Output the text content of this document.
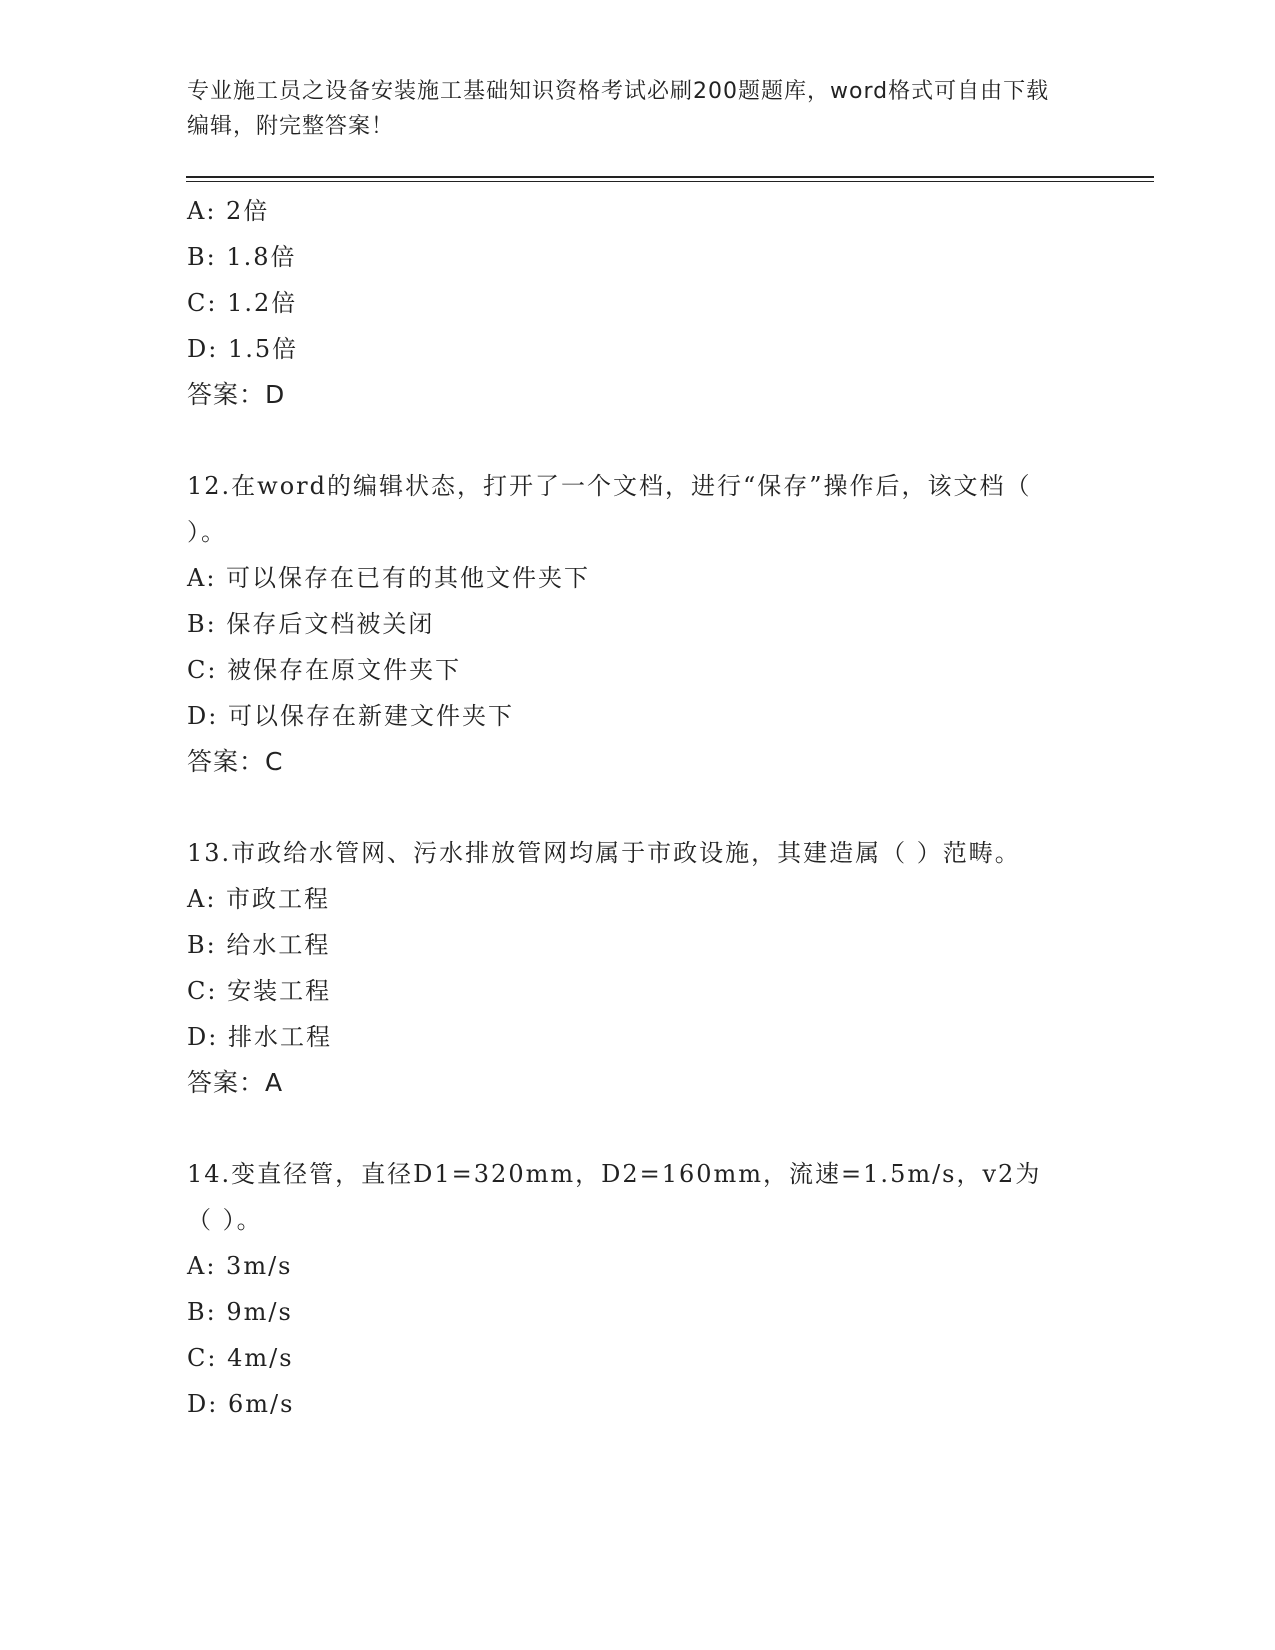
专业施工员之设备安装施工基础知识资格考试必刷200题题库，word格式可自由下载编辑，附完整答案！
A: 2倍
B: 1.8倍
C: 1.2倍
D: 1.5倍
答案：D
12.在word的编辑状态，打开了一个文档，进行“保存”操作后，该文档（ ）。
A: 可以保存在已有的其他文件夹下
B: 保存后文档被关闭
C: 被保存在原文件夹下
D: 可以保存在新建文件夹下
答案：C
13.市政给水管网、污水排放管网均属于市政设施，其建造属（ ）范畴。
A: 市政工程
B: 给水工程
C: 安装工程
D: 排水工程
答案：A
14.变直径管，直径D1=320mm，D2=160mm，流速=1.5m/s，v2为（ ）。
A: 3m/s
B: 9m/s
C: 4m/s
D: 6m/s
